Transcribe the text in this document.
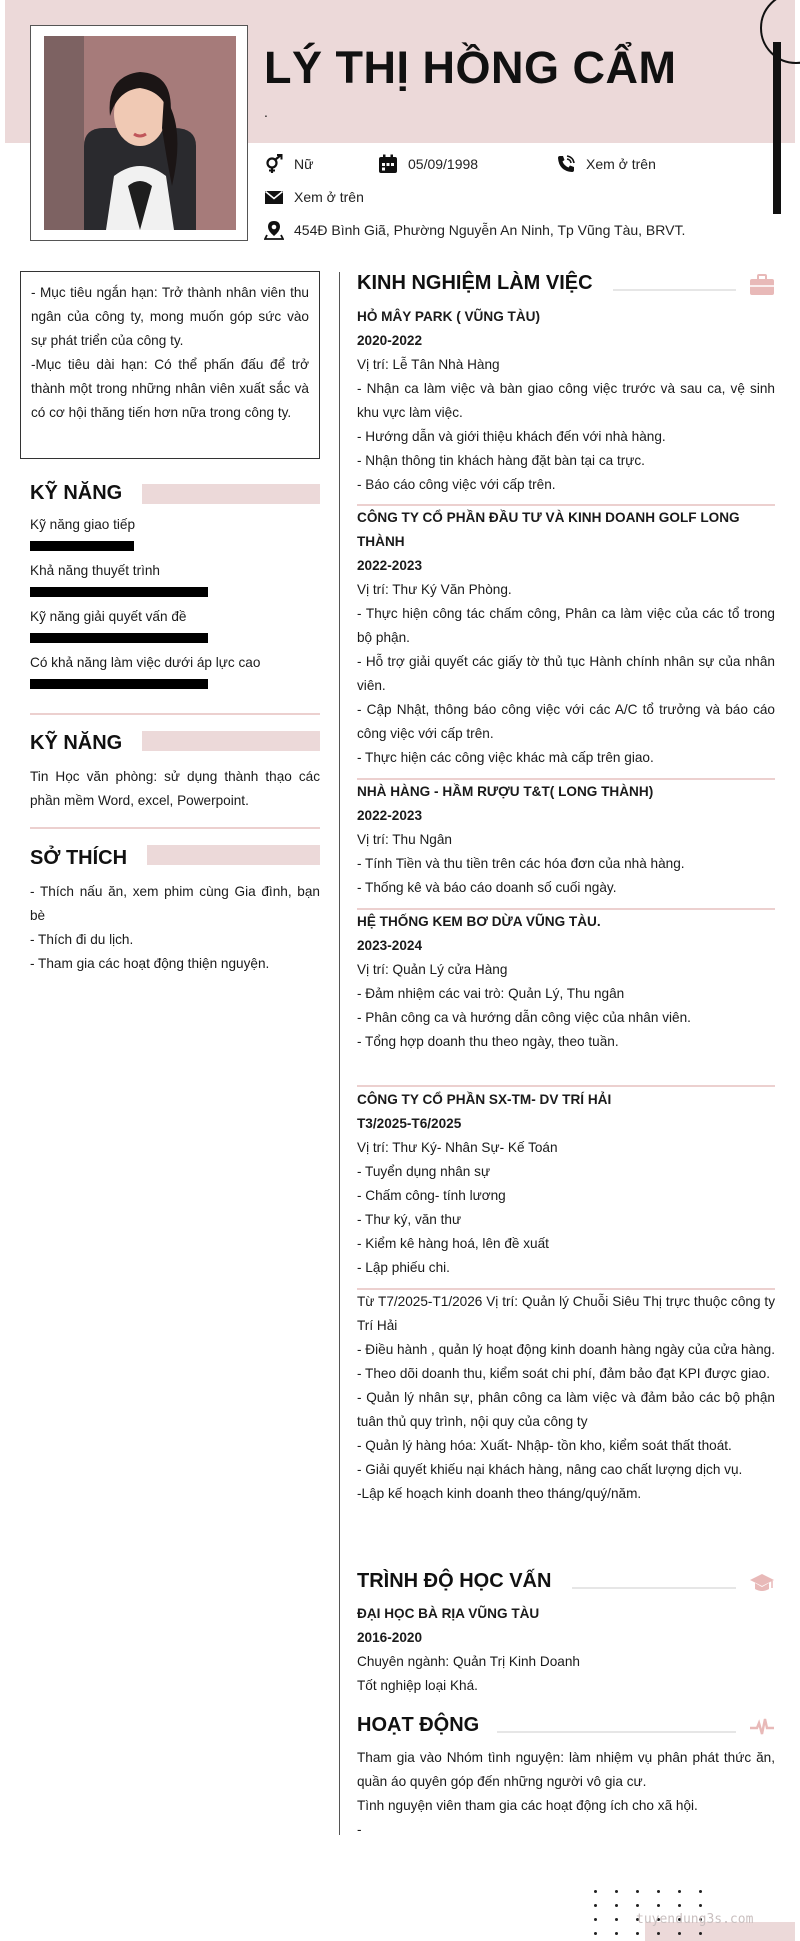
LÝ THỊ HỒNG CẨM
.
Nữ	05/09/1998	Xem ở trên
Xem ở trên
454Đ Bình Giã, Phường Nguyễn An Ninh, Tp Vũng Tàu, BRVT.
- Mục tiêu ngắn hạn: Trở thành nhân viên thu ngân của công ty, mong muốn góp sức vào sự phát triển của công ty.
-Mục tiêu dài hạn: Có thể phấn đấu để trở thành một trong những nhân viên xuất sắc và có cơ hội thăng tiến hơn nữa trong công ty.
KỸ NĂNG
Kỹ năng giao tiếp
Khả năng thuyết trình
Kỹ năng giải quyết vấn đề
Có khả năng làm việc dưới áp lực cao
KỸ NĂNG
Tin Học văn phòng: sử dụng thành thạo các phần mềm Word, excel, Powerpoint.
SỞ THÍCH
- Thích nấu ăn, xem phim cùng Gia đình, bạn bè
- Thích đi du lịch.
- Tham gia các hoạt động thiện nguyện.
KINH NGHIỆM LÀM VIỆC
HỎ MÂY PARK ( VŨNG TÀU)
2020-2022
Vị trí: Lễ Tân Nhà Hàng
- Nhận ca làm việc và bàn giao công việc trước và sau ca, vệ sinh khu vực làm việc.
- Hướng dẫn và giới thiệu khách đến với nhà hàng.
- Nhận thông tin khách hàng đặt bàn tại ca trực.
- Báo cáo công việc với cấp trên.
CÔNG TY CỔ PHẦN ĐẦU TƯ VÀ KINH DOANH GOLF LONG THÀNH
2022-2023
Vị trí: Thư Ký Văn Phòng.
- Thực hiện công tác chấm công, Phân ca làm việc của các tổ trong bộ phận.
- Hỗ trợ giải quyết các giấy tờ thủ tục Hành chính nhân sự của nhân viên.
- Cập Nhật, thông báo công việc với các A/C tổ trưởng và báo cáo công việc với cấp trên.
- Thực hiện các công việc khác mà cấp trên giao.
NHÀ HÀNG - HẦM RƯỢU T&T( LONG THÀNH)
2022-2023
Vị trí: Thu Ngân
- Tính Tiền và thu tiền trên các hóa đơn của nhà hàng.
- Thống kê và báo cáo doanh số cuối ngày.
HỆ THỐNG KEM BƠ DỪA VŨNG TÀU.
2023-2024
Vị trí: Quản Lý cửa Hàng
- Đảm nhiệm các vai trò: Quản Lý, Thu ngân
- Phân công ca và hướng dẫn công việc của nhân viên.
- Tổng hợp doanh thu theo ngày, theo tuần.
CÔNG TY CỔ PHẦN SX-TM- DV TRÍ HẢI
T3/2025-T6/2025
Vị trí: Thư Ký- Nhân Sự- Kế Toán
- Tuyển dụng nhân sự
- Chấm công- tính lương
- Thư ký, văn thư
- Kiểm kê hàng hoá, lên đề xuất
- Lập phiếu chi.
Từ T7/2025-T1/2026 Vị trí: Quản lý Chuỗi Siêu Thị trực thuộc công ty Trí Hải
- Điều hành , quản lý hoạt động kinh doanh hàng ngày của cửa hàng.
- Theo dõi doanh thu, kiểm soát chi phí, đảm bảo đạt KPI được giao.
- Quản lý nhân sự, phân công ca làm việc và đảm bảo các bộ phận tuân thủ quy trình, nội quy của công ty
- Quản lý hàng hóa: Xuất- Nhập- tồn kho, kiểm soát thất thoát.
- Giải quyết khiếu nại khách hàng, nâng cao chất lượng dịch vụ.
-Lập kế hoạch kinh doanh theo tháng/quý/năm.
TRÌNH ĐỘ HỌC VẤN
ĐẠI HỌC BÀ RỊA VŨNG TÀU
2016-2020
Chuyên ngành: Quản Trị Kinh Doanh
Tốt nghiệp loại Khá.
HOẠT ĐỘNG
Tham gia vào Nhóm tình nguyện: làm nhiệm vụ phân phát thức ăn, quần áo quyên góp đến những người vô gia cư.
Tình nguyện viên tham gia các hoạt động ích cho xã hội.
-
tuyendung3s.com
